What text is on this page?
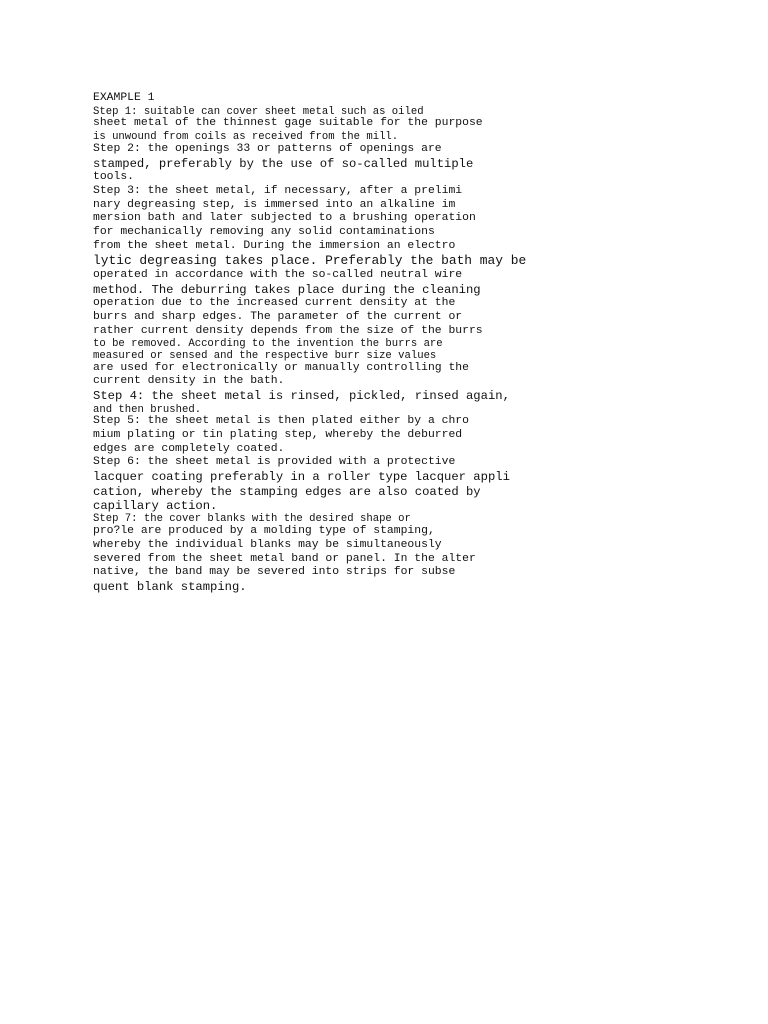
EXAMPLE 1
Step 1: suitable can cover sheet metal such as oiled
sheet metal of the thinnest gage suitable for the purpose
is unwound from coils as received from the mill.
Step 2: the openings 33 or patterns of openings are
stamped, preferably by the use of so-called multiple
tools.
Step 3: the sheet metal, if necessary, after a prelimi
nary degreasing step, is immersed into an alkaline im
mersion bath and later subjected to a brushing operation
for mechanically removing any solid contaminations
from the sheet metal. During the immersion an electro
lytic degreasing takes place. Preferably the bath may be
operated in accordance with the so-called neutral wire
method. The deburring takes place during the cleaning
operation due to the increased current density at the
burrs and sharp edges. The parameter of the current or
rather current density depends from the size of the burrs
to be removed. According to the invention the burrs are
measured or sensed and the respective burr size values
are used for electronically or manually controlling the
current density in the bath.
Step 4: the sheet metal is rinsed, pickled, rinsed again,
and then brushed.
Step 5: the sheet metal is then plated either by a chro
mium plating or tin plating step, whereby the deburred
edges are completely coated.
Step 6: the sheet metal is provided with a protective
lacquer coating preferably in a roller type lacquer appli
cation, whereby the stamping edges are also coated by
capillary action.
Step 7: the cover blanks with the desired shape or
pro?le are produced by a molding type of stamping,
whereby the individual blanks may be simultaneously
severed from the sheet metal band or panel. In the alter
native, the band may be severed into strips for subse
quent blank stamping.
